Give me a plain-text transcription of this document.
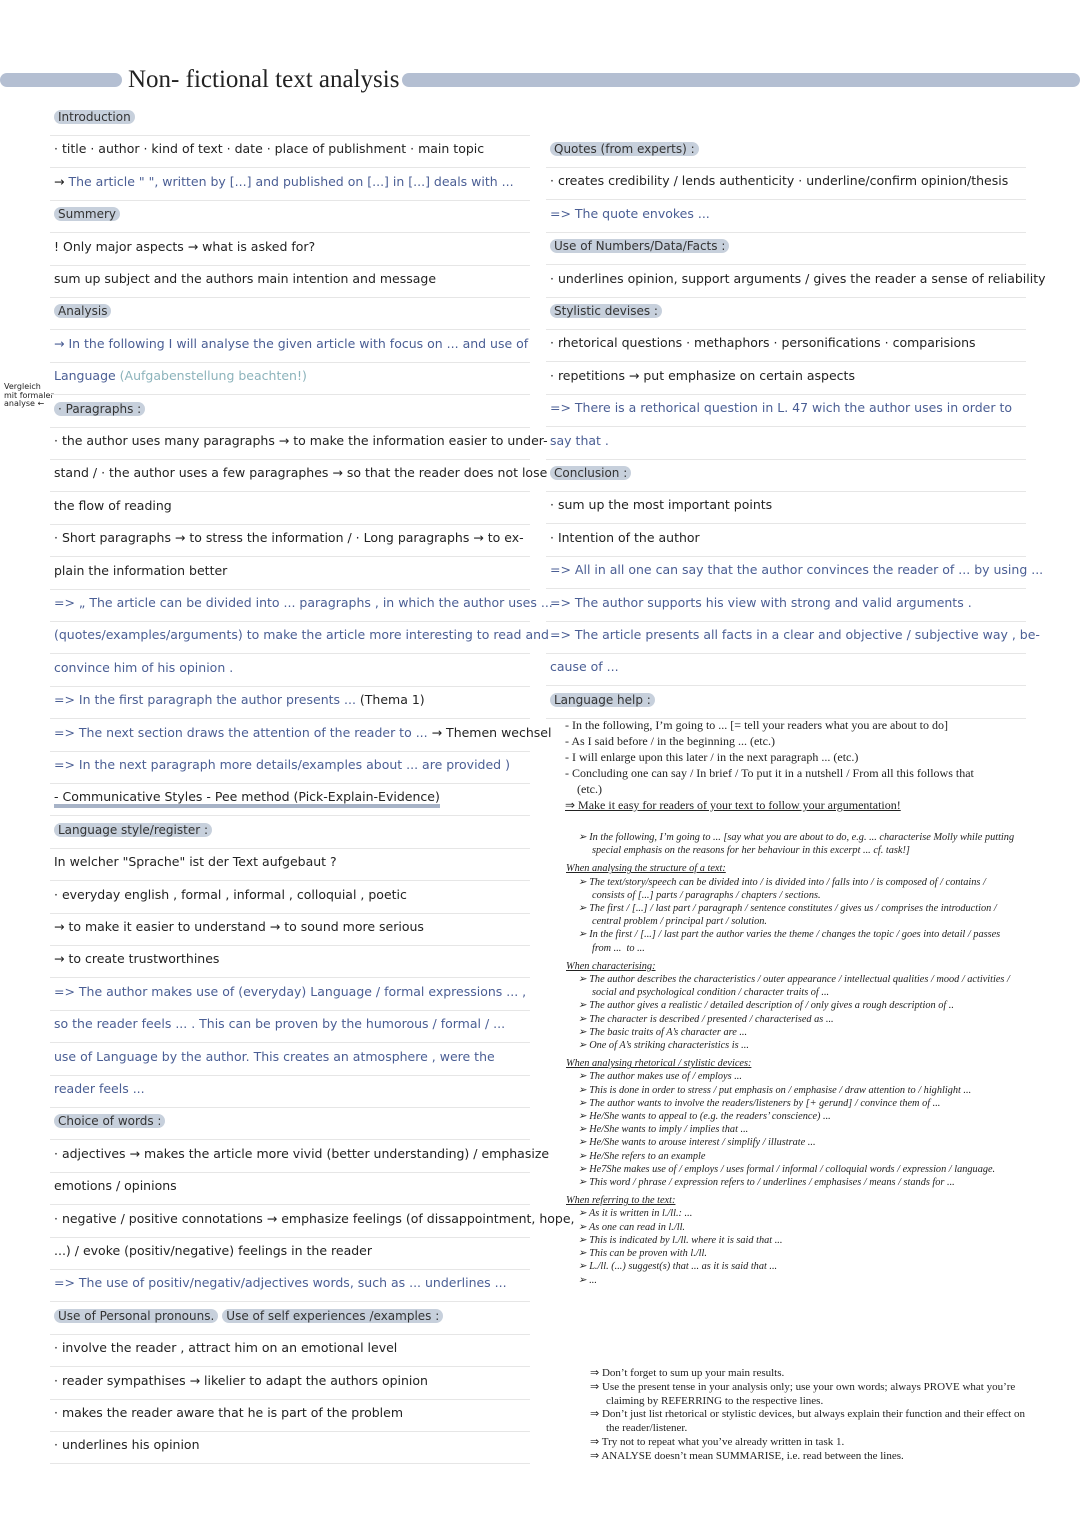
Non- fictional text analysis
Vergleich
mit formaler
analyse ←
Introduction
· title · author · kind of text · date · place of publishment · main topic
→ The article " ", written by [...] and published on [...] in [...] deals with ...
Summery
! Only major aspects → what is asked for?
sum up subject and the authors main intention and message
Analysis
→ In the following I will analyse the given article with focus on ... and use of
Language (Aufgabenstellung beachten!)
· Paragraphs :
· the author uses many paragraphs → to make the information easier to under-
stand / · the author uses a few paragraphes → so that the reader does not lose
the flow of reading
· Short paragraphs → to stress the information / · Long paragraphs → to ex-
plain the information better
=> „ The article can be divided into ... paragraphs , in which the author uses ...
(quotes/examples/arguments) to make the article more interesting to read and
convince him of his opinion .
=> In the first paragraph the author presents ... (Thema 1)
=> The next section draws the attention of the reader to ... → Themen wechsel
=> In the next paragraph more details/examples about ... are provided )
- Communicative Styles - Pee method (Pick-Explain-Evidence)
Language style/register :
In welcher "Sprache" ist der Text aufgebaut ?
· everyday english , formal , informal , colloquial , poetic
→ to make it easier to understand → to sound more serious
→ to create trustworthines
=> The author makes use of (everyday) Language / formal expressions ... ,
so the reader feels ... . This can be proven by the humorous / formal / ...
use of Language by the author. This creates an atmosphere , were the
reader feels ...
Choice of words :
· adjectives → makes the article more vivid (better understanding) / emphasize
emotions / opinions
· negative / positive connotations → emphasize feelings (of dissappointment, hope,
...) / evoke (positiv/negative) feelings in the reader
=> The use of positiv/negativ/adjectives words, such as ... underlines ...
Use of Personal pronouns. Use of self experiences /examples :
· involve the reader , attract him on an emotional level
· reader sympathises → likelier to adapt the authors opinion
· makes the reader aware that he is part of the problem
· underlines his opinion
Quotes (from experts) :
· creates credibility / lends authenticity · underline/confirm opinion/thesis
=> The quote envokes ...
Use of Numbers/Data/Facts :
· underlines opinion, support arguments / gives the reader a sense of reliability
Stylistic devises :
· rhetorical questions · methaphors · personifications · comparisions
· repetitions → put emphasize on certain aspects
=> There is a rethorical question in L. 47 wich the author uses in order to
say that .
Conclusion :
· sum up the most important points
· Intention of the author
=> All in all one can say that the author convinces the reader of ... by using ...
=> The author supports his view with strong and valid arguments .
=> The article presents all facts in a clear and objective / subjective way , be-
cause of ...
Language help :
- In the following, I’m going to ... [= tell your readers what you are about to do]
- As I said before / in the beginning ... (etc.)
- I will enlarge upon this later / in the next paragraph ... (etc.)
- Concluding one can say / In brief / To put it in a nutshell / From all this follows that
(etc.)
⇒ Make it easy for readers of your text to follow your argumentation!
➢ In the following, I’m going to ... [say what you are about to do, e.g. ... characterise Molly while putting special emphasis on the reasons for her behaviour in this excerpt ... cf. task!]
When analysing the structure of a text:
➢ The text/story/speech can be divided into / is divided into / falls into / is composed of / contains / consists of [...] parts / paragraphs / chapters / sections.
➢ The first / [...] / last part / paragraph / sentence constitutes / gives us / comprises the introduction / central problem / principal part / solution.
➢ In the first / [...] / last part the author varies the theme / changes the topic / goes into detail / passes from ...  to ...
When characterising:
➢ The author describes the characteristics / outer appearance / intellectual qualities / mood / activities / social and psychological condition / character traits of ...
➢ The author gives a realistic / detailed description of / only gives a rough description of ..
➢ The character is described / presented / characterised as ...
➢ The basic traits of A’s character are ...
➢ One of A’s striking characteristics is ...
When analysing rhetorical / stylistic devices:
➢ The author makes use of / employs ...
➢ This is done in order to stress / put emphasis on / emphasise / draw attention to / highlight ...
➢ The author wants to involve the readers/listeners by [+ gerund] / convince them of ...
➢ He/She wants to appeal to (e.g. the readers’ conscience) ...
➢ He/She wants to imply / implies that ...
➢ He/She wants to arouse interest / simplify / illustrate ...
➢ He/She refers to an example
➢ He7She makes use of / employs / uses formal / informal / colloquial words / expression / language.
➢ This word / phrase / expression refers to / underlines / emphasises / means / stands for ...
When referring to the text:
➢ As it is written in l./ll.: ...
➢ As one can read in l./ll.
➢ This is indicated by l./ll. where it is said that ...
➢ This can be proven with l./ll.
➢ L./ll. (...) suggest(s) that ... as it is said that ...
➢ ...
⇒ Don’t forget to sum up your main results.
⇒ Use the present tense in your analysis only; use your own words; always PROVE what you’re claiming by REFERRING to the respective lines.
⇒ Don’t just list rhetorical or stylistic devices, but always explain their function and their effect on the reader/listener.
⇒ Try not to repeat what you’ve already written in task 1.
⇒ ANALYSE doesn’t mean SUMMARISE, i.e. read between the lines.
